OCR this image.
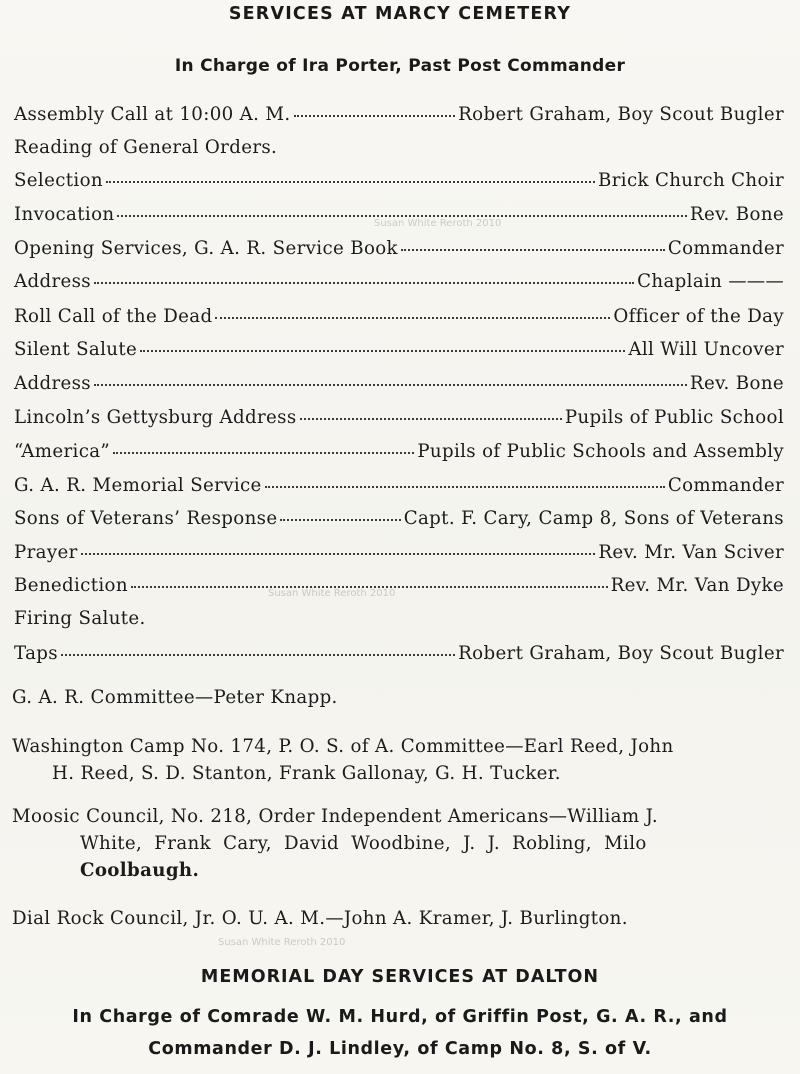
SERVICES AT MARCY CEMETERY
In Charge of Ira Porter, Past Post Commander
Susan White Reroth 2010
Susan White Reroth 2010
Susan White Reroth 2010
Assembly Call at 10:00 A. M.	Robert Graham, Boy Scout Bugler
Reading of General Orders.
Selection	Brick Church Choir
Invocation	Rev. Bone
Opening Services, G. A. R. Service Book	Commander
Address	Chaplain ———
Roll Call of the Dead	Officer of the Day
Silent Salute	All Will Uncover
Address	Rev. Bone
Lincoln’s Gettysburg Address	Pupils of Public School
“America”	Pupils of Public Schools and Assembly
G. A. R. Memorial Service	Commander
Sons of Veterans’ Response	Capt. F. Cary, Camp 8, Sons of Veterans
Prayer	Rev. Mr. Van Sciver
Benediction	Rev. Mr. Van Dyke
Firing Salute.
Taps	Robert Graham, Boy Scout Bugler
G. A. R. Committee—Peter Knapp.
Washington Camp No. 174, P. O. S. of A. Committee—Earl Reed, John
H. Reed, S. D. Stanton, Frank Gallonay, G. H. Tucker.
Moosic Council, No. 218, Order Independent Americans—William J.
White, Frank Cary, David Woodbine, J. J. Robling, Milo
Coolbaugh.
Dial Rock Council, Jr. O. U. A. M.—John A. Kramer, J. Burlington.
MEMORIAL DAY SERVICES AT DALTON
In Charge of Comrade W. M. Hurd, of Griffin Post, G. A. R., and
Commander D. J. Lindley, of Camp No. 8, S. of V.
